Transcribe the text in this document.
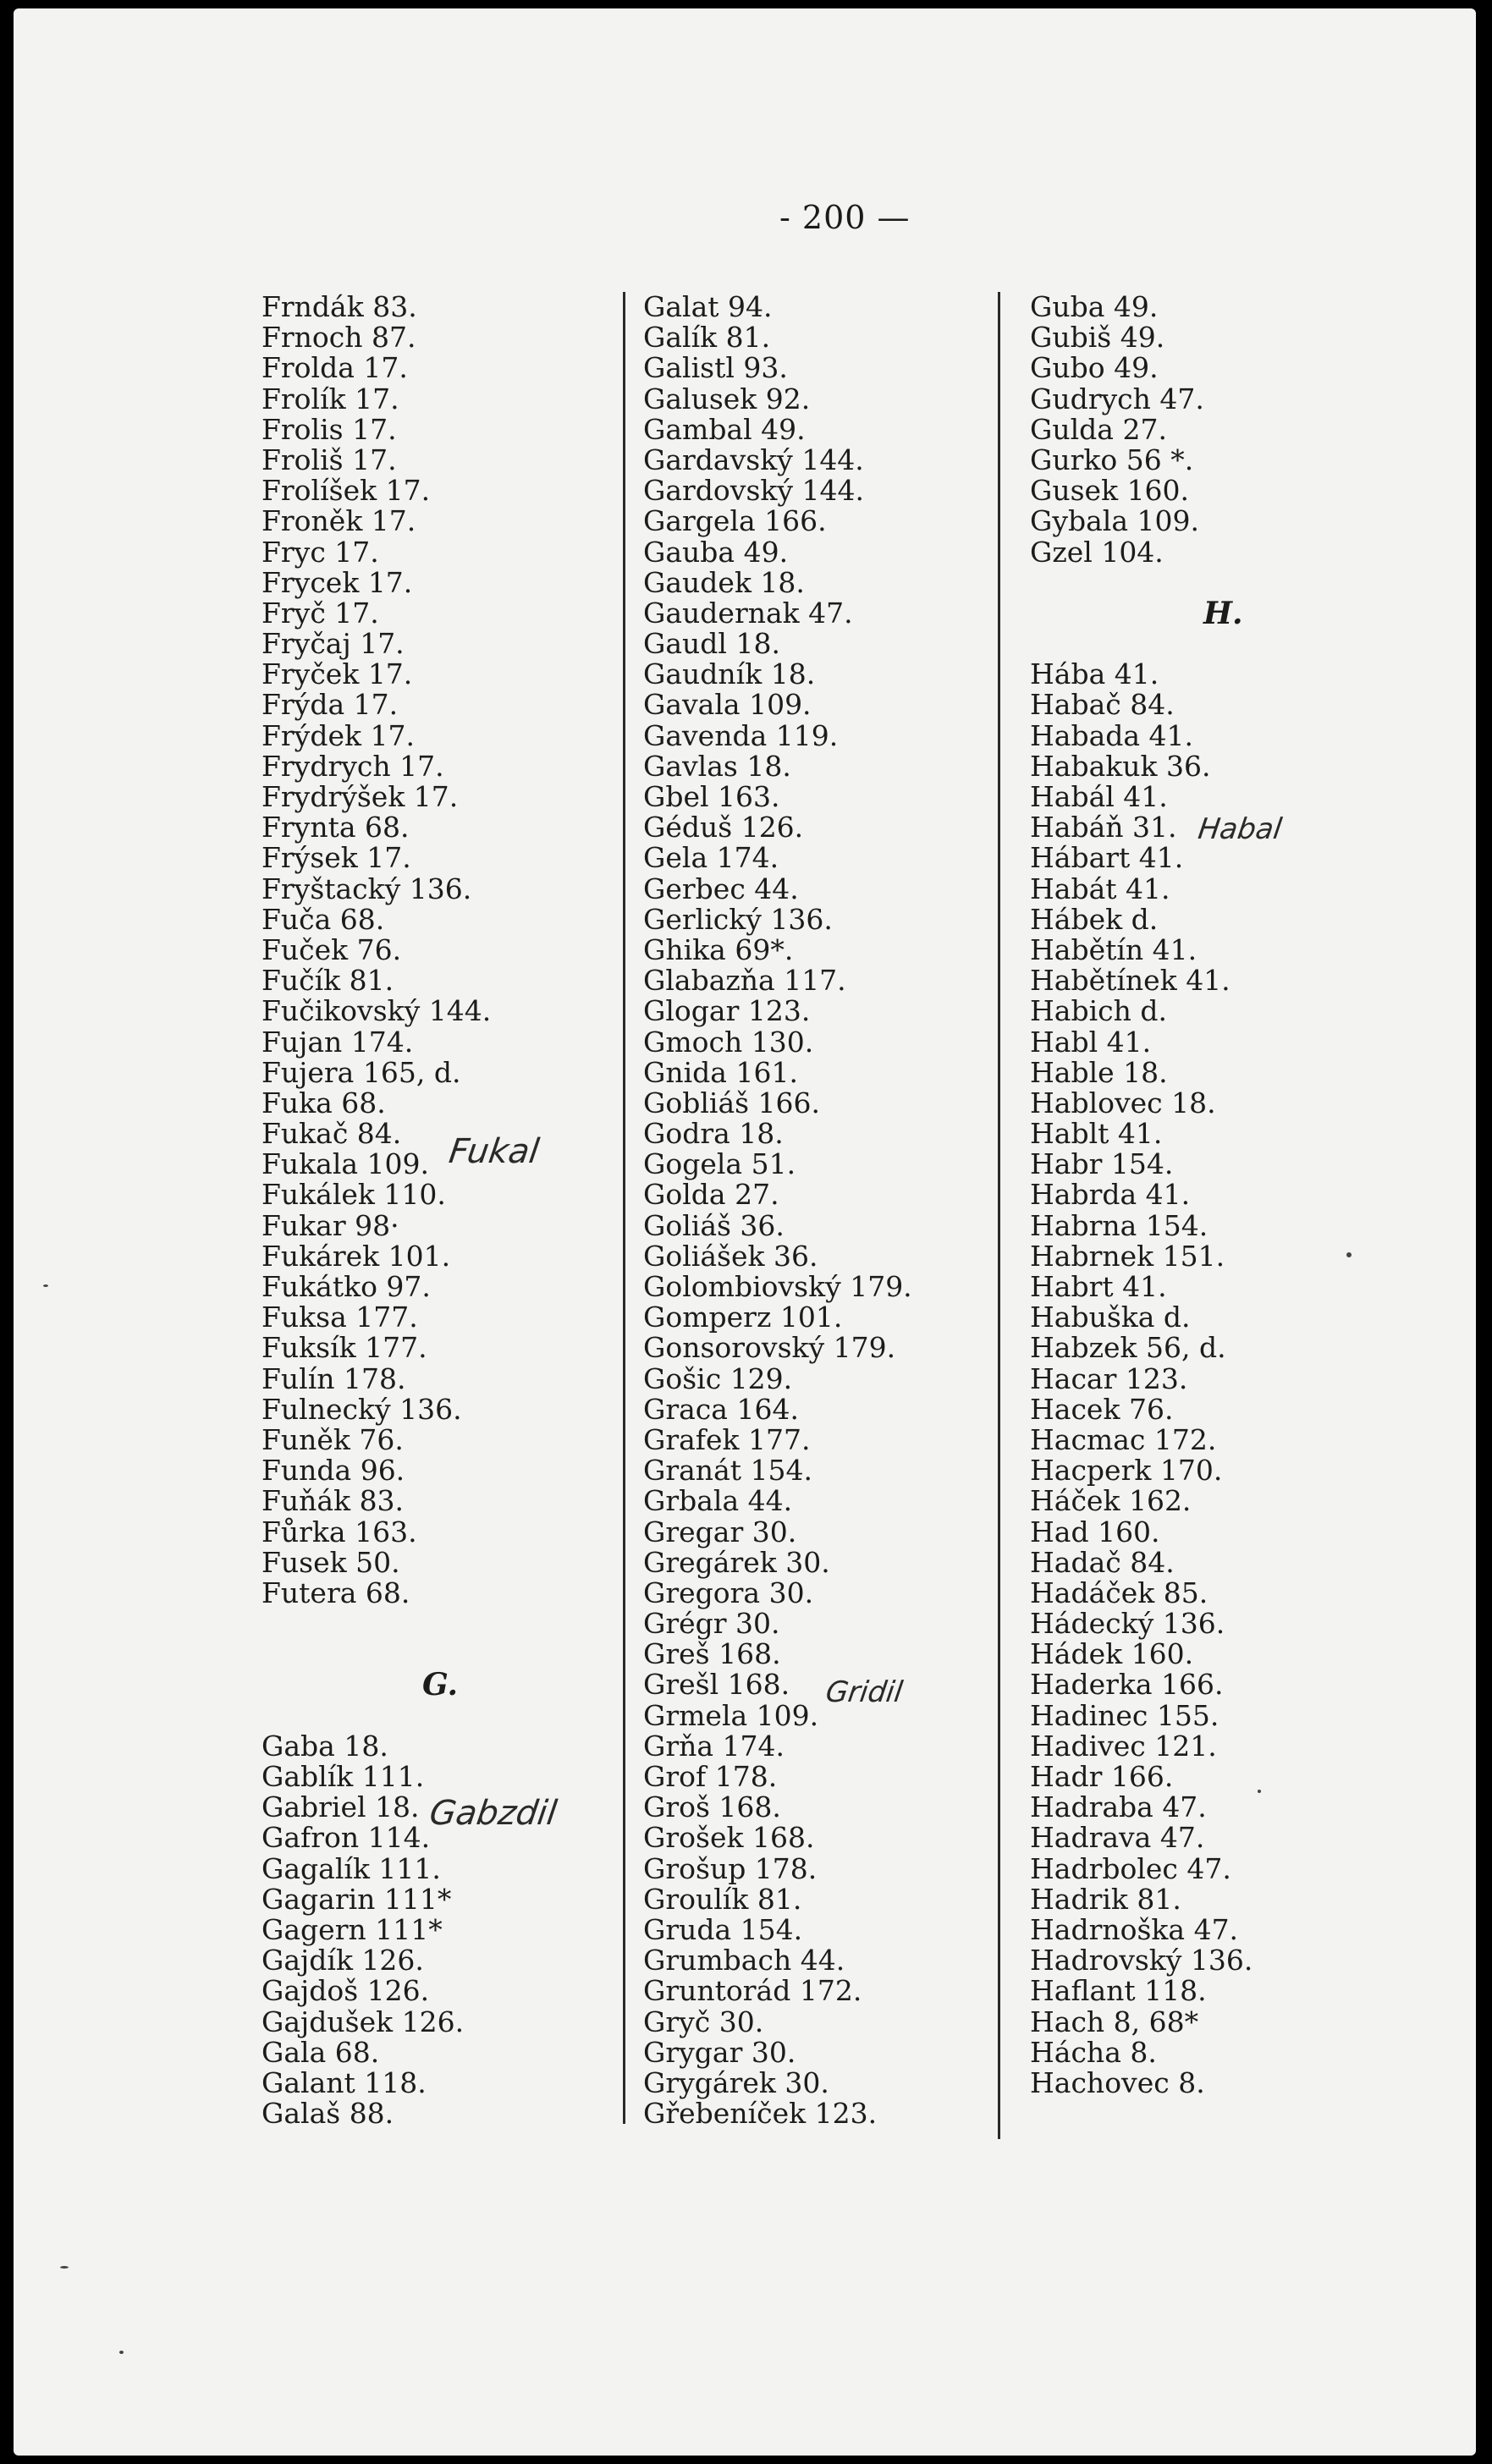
- 200 —
Frndák 83.
Frnoch 87.
Frolda 17.
Frolík 17.
Frolis 17.
Froliš 17.
Frolíšek 17.
Froněk 17.
Fryc 17.
Frycek 17.
Fryč 17.
Fryčaj 17.
Fryček 17.
Frýda 17.
Frýdek 17.
Frydrych 17.
Frydrýšek 17.
Frynta 68.
Frýsek 17.
Fryštacký 136.
Fuča 68.
Fuček 76.
Fučík 81.
Fučikovský 144.
Fujan 174.
Fujera 165, d.
Fuka 68.
Fukač 84.
Fukala 109.
Fukálek 110.
Fukar 98·
Fukárek 101.
Fukátko 97.
Fuksa 177.
Fuksík 177.
Fulín 178.
Fulnecký 136.
Funěk 76.
Funda 96.
Fuňák 83.
Fůrka 163.
Fusek 50.
Futera 68.
G.
Gaba 18.
Gablík 111.
Gabriel 18.
Gafron 114.
Gagalík 111.
Gagarin 111*
Gagern 111*
Gajdík 126.
Gajdoš 126.
Gajdušek 126.
Gala 68.
Galant 118.
Galaš 88.
Galat 94.
Galík 81.
Galistl 93.
Galusek 92.
Gambal 49.
Gardavský 144.
Gardovský 144.
Gargela 166.
Gauba 49.
Gaudek 18.
Gaudernak 47.
Gaudl 18.
Gaudník 18.
Gavala 109.
Gavenda 119.
Gavlas 18.
Gbel 163.
Géduš 126.
Gela 174.
Gerbec 44.
Gerlický 136.
Ghika 69*.
Glabazňa 117.
Glogar 123.
Gmoch 130.
Gnida 161.
Gobliáš 166.
Godra 18.
Gogela 51.
Golda 27.
Goliáš 36.
Goliášek 36.
Golombiovský 179.
Gomperz 101.
Gonsorovský 179.
Gošic 129.
Graca 164.
Grafek 177.
Granát 154.
Grbala 44.
Gregar 30.
Gregárek 30.
Gregora 30.
Grégr 30.
Greš 168.
Grešl 168.
Grmela 109.
Grňa 174.
Grof 178.
Groš 168.
Grošek 168.
Grošup 178.
Groulík 81.
Gruda 154.
Grumbach 44.
Gruntorád 172.
Gryč 30.
Grygar 30.
Grygárek 30.
Gřebeníček 123.
Guba 49.
Gubiš 49.
Gubo 49.
Gudrych 47.
Gulda 27.
Gurko 56 *.
Gusek 160.
Gybala 109.
Gzel 104.
H.
Hába 41.
Habač 84.
Habada 41.
Habakuk 36.
Habál 41.
Habáň 31.
Hábart 41.
Habát 41.
Hábek d.
Habětín 41.
Habětínek 41.
Habich d.
Habl 41.
Hable 18.
Hablovec 18.
Hablt 41.
Habr 154.
Habrda 41.
Habrna 154.
Habrnek 151.
Habrt 41.
Habuška d.
Habzek 56, d.
Hacar 123.
Hacek 76.
Hacmac 172.
Hacperk 170.
Háček 162.
Had 160.
Hadač 84.
Hadáček 85.
Hádecký 136.
Hádek 160.
Haderka 166.
Hadinec 155.
Hadivec 121.
Hadr 166.
Hadraba 47.
Hadrava 47.
Hadrbolec 47.
Hadrik 81.
Hadrnoška 47.
Hadrovský 136.
Haflant 118.
Hach 8, 68*
Hácha 8.
Hachovec 8.
Fukal
Gabzdil
Gridil
Habal
